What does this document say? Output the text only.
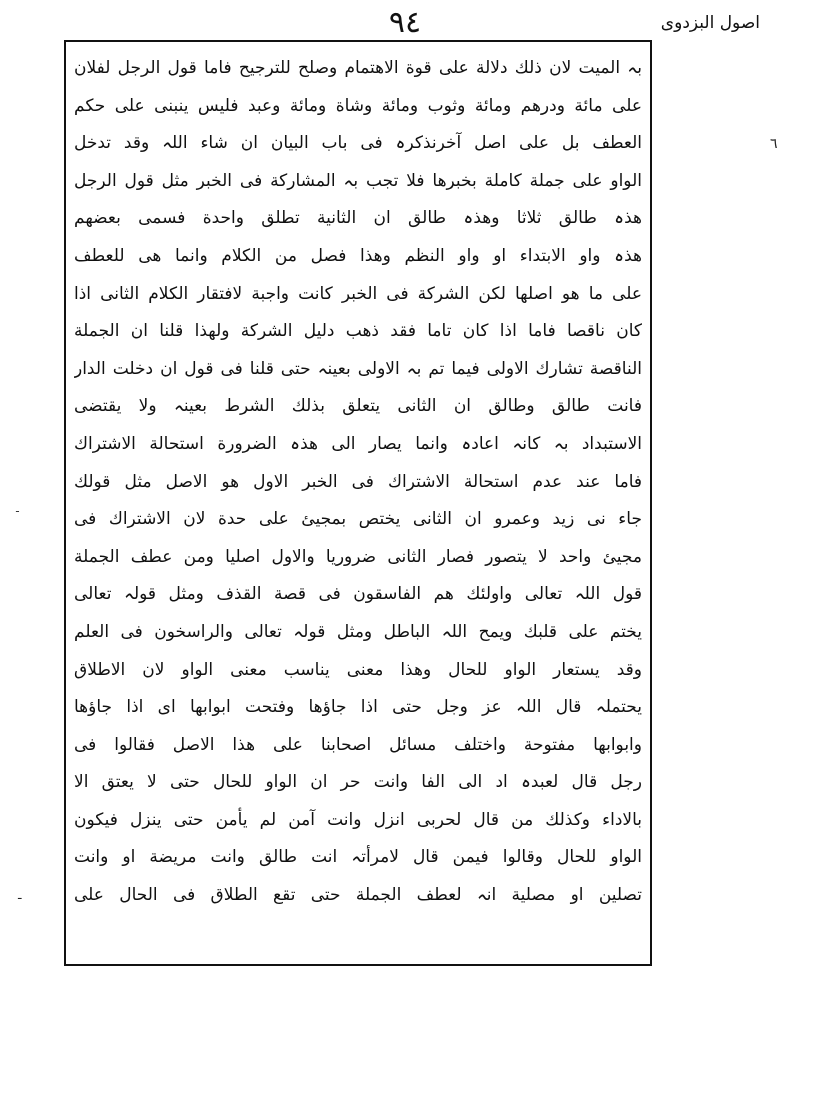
٩٤	اصول البزدوی
بہ المیت لان ذلك دلالة علی قوة الاهتمام وصلح للترجیح فاما قول الرجل لفلان
علی مائة ودرهم ومائة وثوب ومائة وشاة ومائة وعبد فلیس ینبنی علی حکم
العطف بل علی اصل آخرنذکرہ فی باب البیان ان شاء اللہ وقد تدخل
الواو علی جملة کاملة بخبرھا فلا تجب بہ المشارکة فی الخبر مثل قول الرجل
ھذہ طالق ثلاثا وھذہ طالق ان الثانیة تطلق واحدة فسمی بعضھم
ھذہ واو الابتداء او واو النظم وھذا فصل من الکلام وانما ھی للعطف
علی ما ھو اصلھا لکن الشرکة فی الخبر کانت واجبة لافتقار الکلام الثانی اذا
کان ناقصا فاما اذا کان تاما فقد ذھب دلیل الشرکة ولھذا قلنا ان الجملة
الناقصة تشارك الاولی فیما تم بہ الاولی بعینہ حتی قلنا فی قول ان دخلت الدار
فانت طالق وطالق ان الثانی یتعلق بذلك الشرط بعینہ ولا یقتضی
الاستبداد بہ کانہ اعادہ وانما یصار الی ھذہ الضرورة استحالة الاشتراك
فاما عند عدم استحالة الاشتراك فی الخبر الاول ھو الاصل مثل قولك
جاء نی زید وعمرو ان الثانی یختص بمجیئ علی حدة لان الاشتراك فی
مجیئ واحد لا یتصور فصار الثانی ضروریا والاول اصلیا ومن عطف الجملة
قول اللہ تعالی واولئك ھم الفاسقون فی قصة القذف ومثل قولہ تعالی
یختم علی قلبك ویمح اللہ الباطل ومثل قولہ تعالی والراسخون فی العلم
وقد یستعار الواو للحال وھذا معنی یناسب معنی الواو لان الاطلاق
یحتملہ قال اللہ عز وجل حتی اذا جاؤھا وفتحت ابوابھا ای اذا جاؤھا
وابوابھا مفتوحة واختلف مسائل اصحابنا علی ھذا الاصل فقالوا فی
رجل قال لعبدہ اد الی الفا وانت حر ان الواو للحال حتی لا یعتق الا
بالاداء وکذلك من قال لحربی انزل وانت آمن لم یأمن حتی ینزل فیکون
الواو للحال وقالوا فیمن قال لامرأتہ انت طالق وانت مریضة او وانت
تصلین او مصلیة انہ لعطف الجملة حتی تقع الطلاق فی الحال علی
٦
ـ
ـ
